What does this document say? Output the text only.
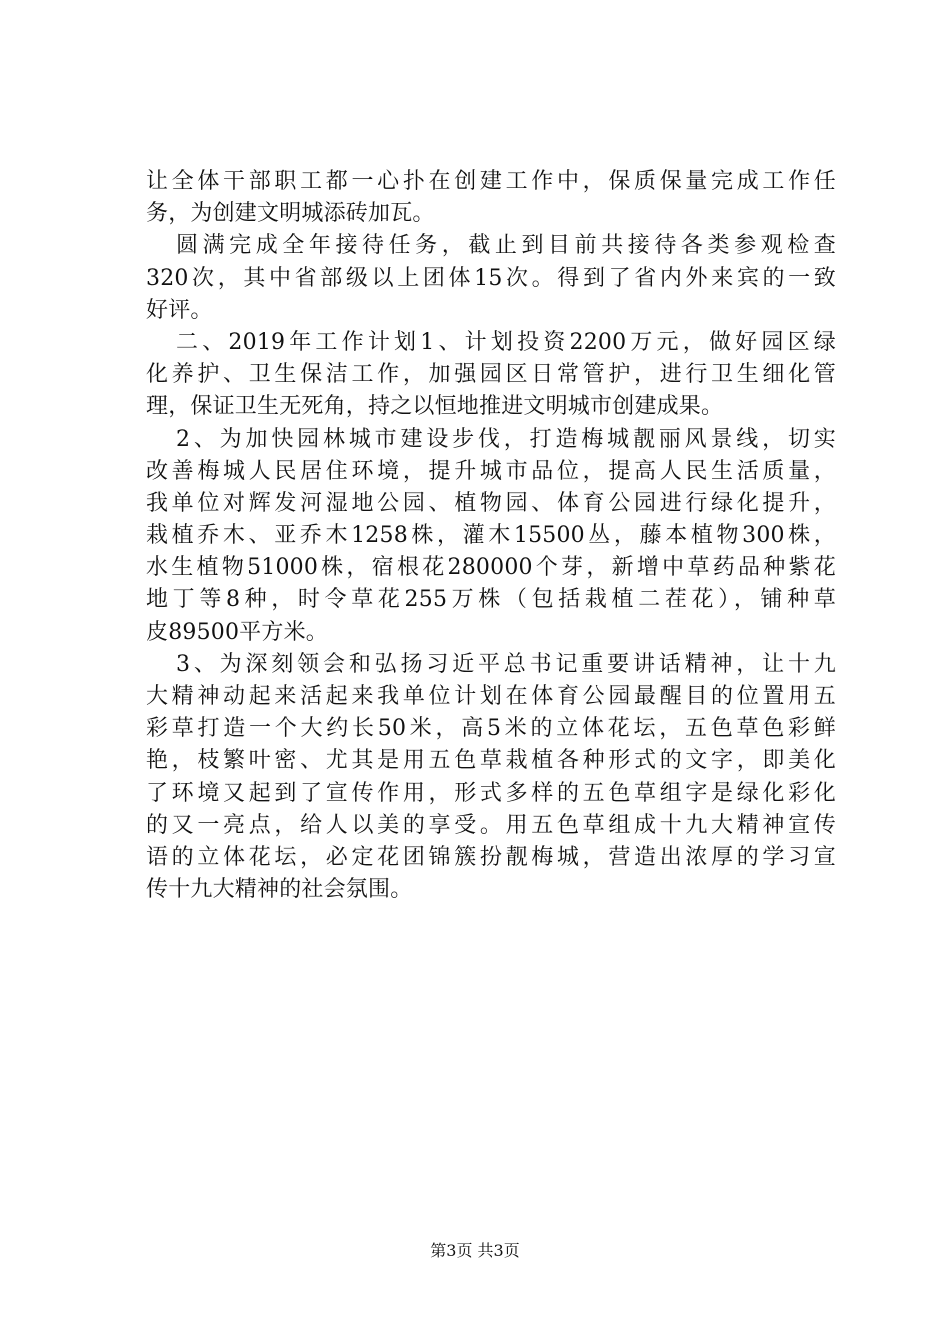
让全体干部职工都一心扑在创建工作中，保质保量完成工作任
务，为创建文明城添砖加瓦。
圆满完成全年接待任务，截止到目前共接待各类参观检查
320次，其中省部级以上团体15次。得到了省内外来宾的一致
好评。
二、2019年工作计划1、计划投资2200万元，做好园区绿
化养护、卫生保洁工作，加强园区日常管护，进行卫生细化管
理，保证卫生无死角，持之以恒地推进文明城市创建成果。
2、为加快园林城市建设步伐，打造梅城靓丽风景线，切实
改善梅城人民居住环境，提升城市品位，提高人民生活质量，
我单位对辉发河湿地公园、植物园、体育公园进行绿化提升，
栽植乔木、亚乔木1258株，灌木15500丛，藤本植物300株，
水生植物51000株，宿根花280000个芽，新增中草药品种紫花
地丁等8种，时令草花255万株（包括栽植二茬花），铺种草
皮89500平方米。
3、为深刻领会和弘扬习近平总书记重要讲话精神，让十九
大精神动起来活起来我单位计划在体育公园最醒目的位置用五
彩草打造一个大约长50米，高5米的立体花坛，五色草色彩鲜
艳，枝繁叶密、尤其是用五色草栽植各种形式的文字，即美化
了环境又起到了宣传作用，形式多样的五色草组字是绿化彩化
的又一亮点，给人以美的享受。用五色草组成十九大精神宣传
语的立体花坛，必定花团锦簇扮靓梅城，营造出浓厚的学习宣
传十九大精神的社会氛围。
第3页 共3页
